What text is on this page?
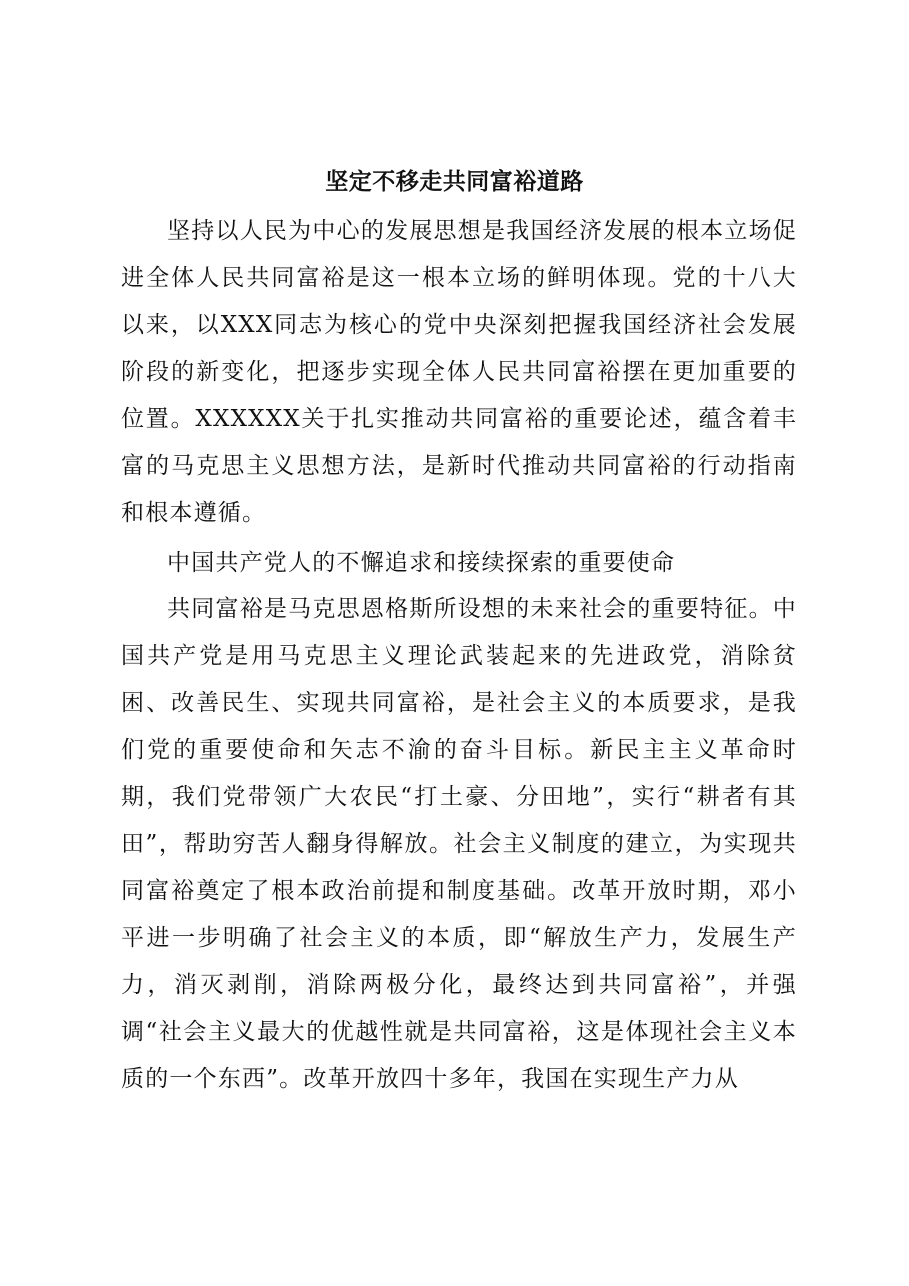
坚定不移走共同富裕道路

坚持以人民为中心的发展思想是我国经济发展的根本立场促进全体人民共同富裕是这一根本立场的鲜明体现。党的十八大以来，以XXX同志为核心的党中央深刻把握我国经济社会发展阶段的新变化，把逐步实现全体人民共同富裕摆在更加重要的位置。XXXXXX关于扎实推动共同富裕的重要论述，蕴含着丰富的马克思主义思想方法，是新时代推动共同富裕的行动指南和根本遵循。

中国共产党人的不懈追求和接续探索的重要使命

共同富裕是马克思恩格斯所设想的未来社会的重要特征。中国共产党是用马克思主义理论武装起来的先进政党，消除贫困、改善民生、实现共同富裕，是社会主义的本质要求，是我们党的重要使命和矢志不渝的奋斗目标。新民主主义革命时期，我们党带领广大农民“打土豪、分田地”，实行“耕者有其田”，帮助穷苦人翻身得解放。社会主义制度的建立，为实现共同富裕奠定了根本政治前提和制度基础。改革开放时期，邓小平进一步明确了社会主义的本质，即“解放生产力，发展生产力，消灭剥削，消除两极分化，最终达到共同富裕”，并强调“社会主义最大的优越性就是共同富裕，这是体现社会主义本质的一个东西”。改革开放四十多年，我国在实现生产力从
